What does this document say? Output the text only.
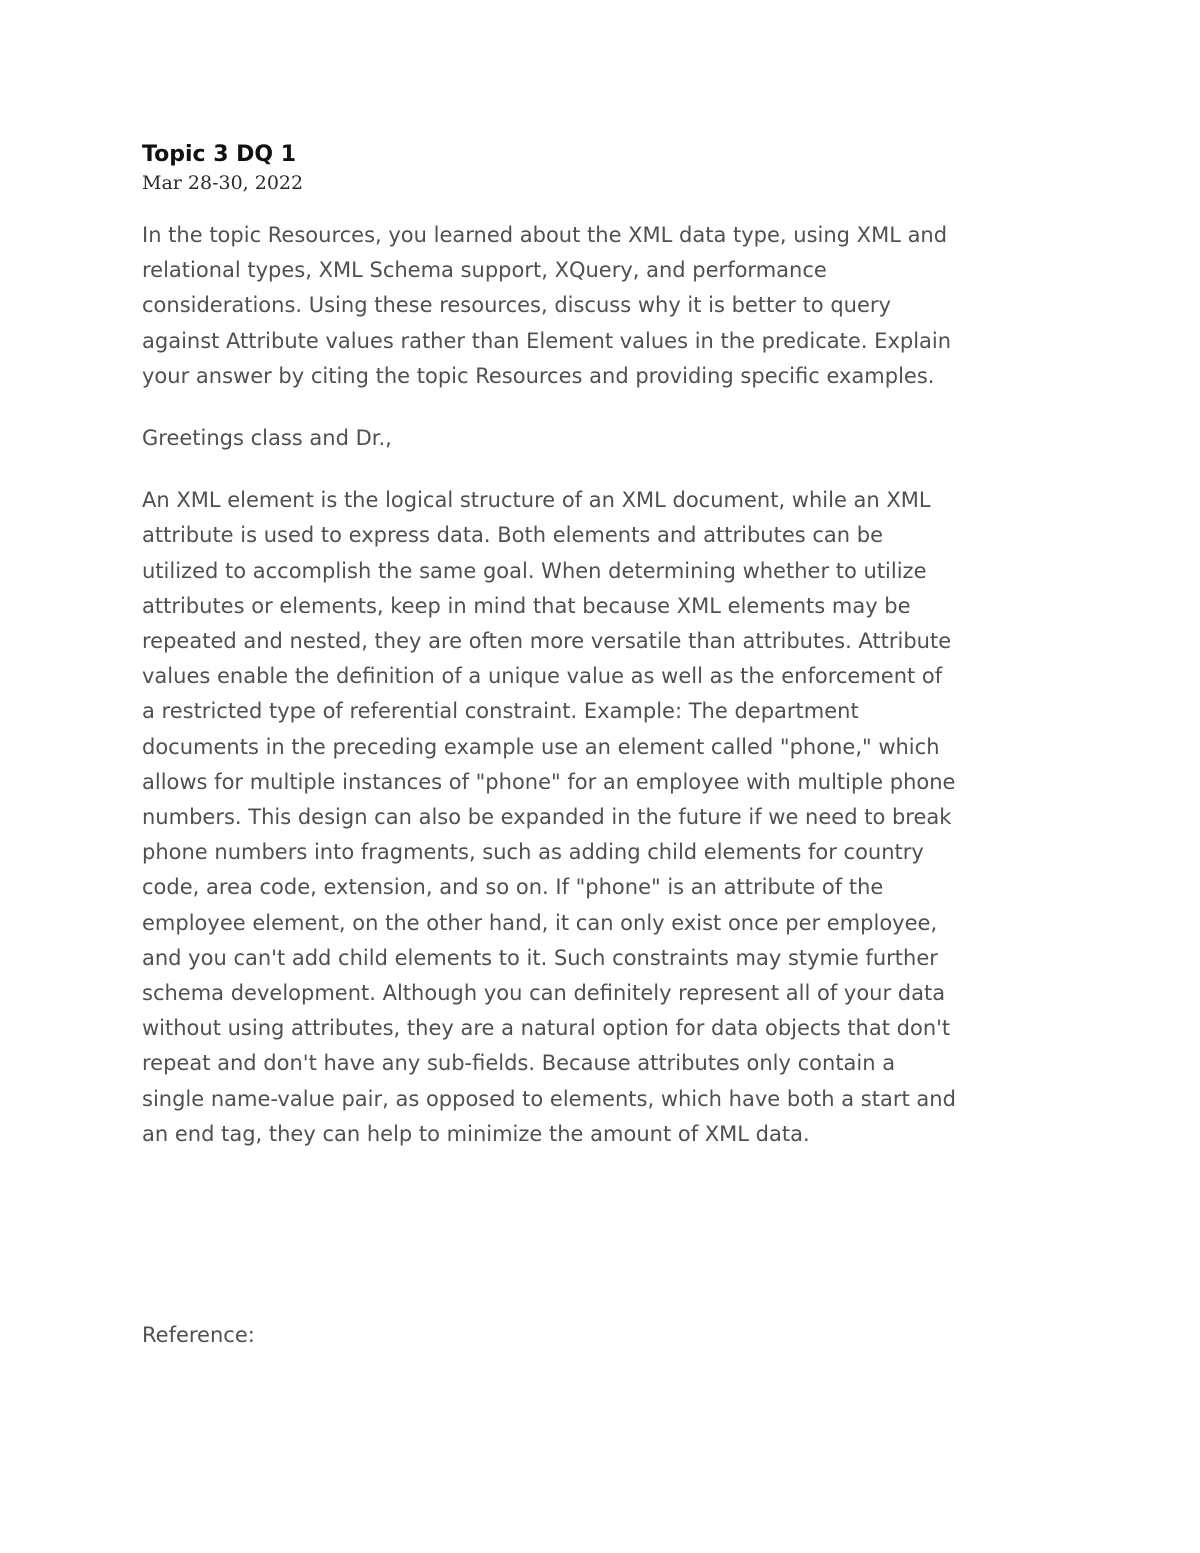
Topic 3 DQ 1

Mar 28-30, 2022

In the topic Resources, you learned about the XML data type, using XML and
relational types, XML Schema support, XQuery, and performance
considerations. Using these resources, discuss why it is better to query
against Attribute values rather than Element values in the predicate. Explain
your answer by citing the topic Resources and providing specific examples.

Greetings class and Dr.,

An XML element is the logical structure of an XML document, while an XML
attribute is used to express data. Both elements and attributes can be
utilized to accomplish the same goal. When determining whether to utilize
attributes or elements, keep in mind that because XML elements may be
repeated and nested, they are often more versatile than attributes. Attribute
values enable the definition of a unique value as well as the enforcement of
a restricted type of referential constraint. Example: The department
documents in the preceding example use an element called "phone," which
allows for multiple instances of "phone" for an employee with multiple phone
numbers. This design can also be expanded in the future if we need to break
phone numbers into fragments, such as adding child elements for country
code, area code, extension, and so on. If "phone" is an attribute of the
employee element, on the other hand, it can only exist once per employee,
and you can't add child elements to it. Such constraints may stymie further
schema development. Although you can definitely represent all of your data
without using attributes, they are a natural option for data objects that don't
repeat and don't have any sub-fields. Because attributes only contain a
single name-value pair, as opposed to elements, which have both a start and
an end tag, they can help to minimize the amount of XML data.

Reference:
